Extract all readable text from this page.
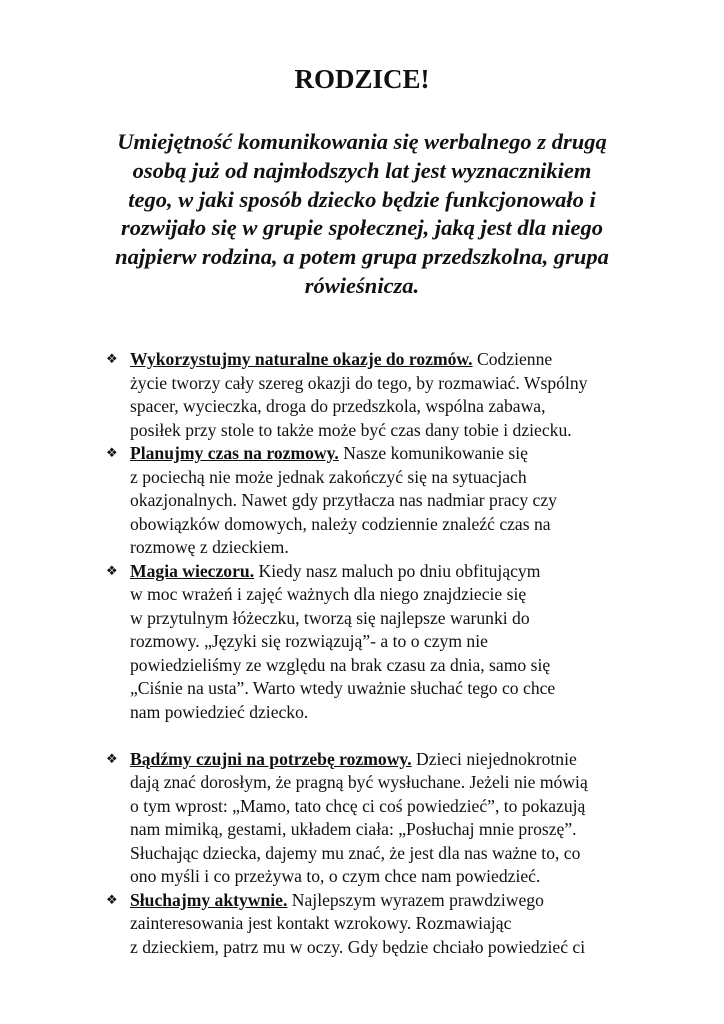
RODZICE!

Umiejętność komunikowania się werbalnego z drugą
osobą już od najmłodszych lat jest wyznacznikiem
tego, w jaki sposób dziecko będzie funkcjonowało i
rozwijało się w grupie społecznej, jaką jest dla niego
najpierw rodzina, a potem grupa przedszkolna, grupa
rówieśnicza.

❖ Wykorzystujmy naturalne okazje do rozmów. Codzienne
życie tworzy cały szereg okazji do tego, by rozmawiać. Wspólny
spacer, wycieczka, droga do przedszkola, wspólna zabawa,
posiłek przy stole to także może być czas dany tobie i dziecku.
❖ Planujmy czas na rozmowy. Nasze komunikowanie się
z pociechą nie może jednak zakończyć się na sytuacjach
okazjonalnych. Nawet gdy przytłacza nas nadmiar pracy czy
obowiązków domowych, należy codziennie znaleźć czas na
rozmowę z dzieckiem.
❖ Magia wieczoru. Kiedy nasz maluch po dniu obfitującym
w moc wrażeń i zajęć ważnych dla niego znajdziecie się
w przytulnym łóżeczku, tworzą się najlepsze warunki do
rozmowy. „Języki się rozwiązują”- a to o czym nie
powiedzieliśmy ze względu na brak czasu za dnia, samo się
„Ciśnie na usta”. Warto wtedy uważnie słuchać tego co chce
nam powiedzieć dziecko.
❖ Bądźmy czujni na potrzebę rozmowy. Dzieci niejednokrotnie
dają znać dorosłym, że pragną być wysłuchane. Jeżeli nie mówią
o tym wprost: „Mamo, tato chcę ci coś powiedzieć”, to pokazują
nam mimiką, gestami, układem ciała: „Posłuchaj mnie proszę”.
Słuchając dziecka, dajemy mu znać, że jest dla nas ważne to, co
ono myśli i co przeżywa to, o czym chce nam powiedzieć.
❖ Słuchajmy aktywnie. Najlepszym wyrazem prawdziwego
zainteresowania jest kontakt wzrokowy. Rozmawiając
z dzieckiem, patrz mu w oczy. Gdy będzie chciało powiedzieć ci
